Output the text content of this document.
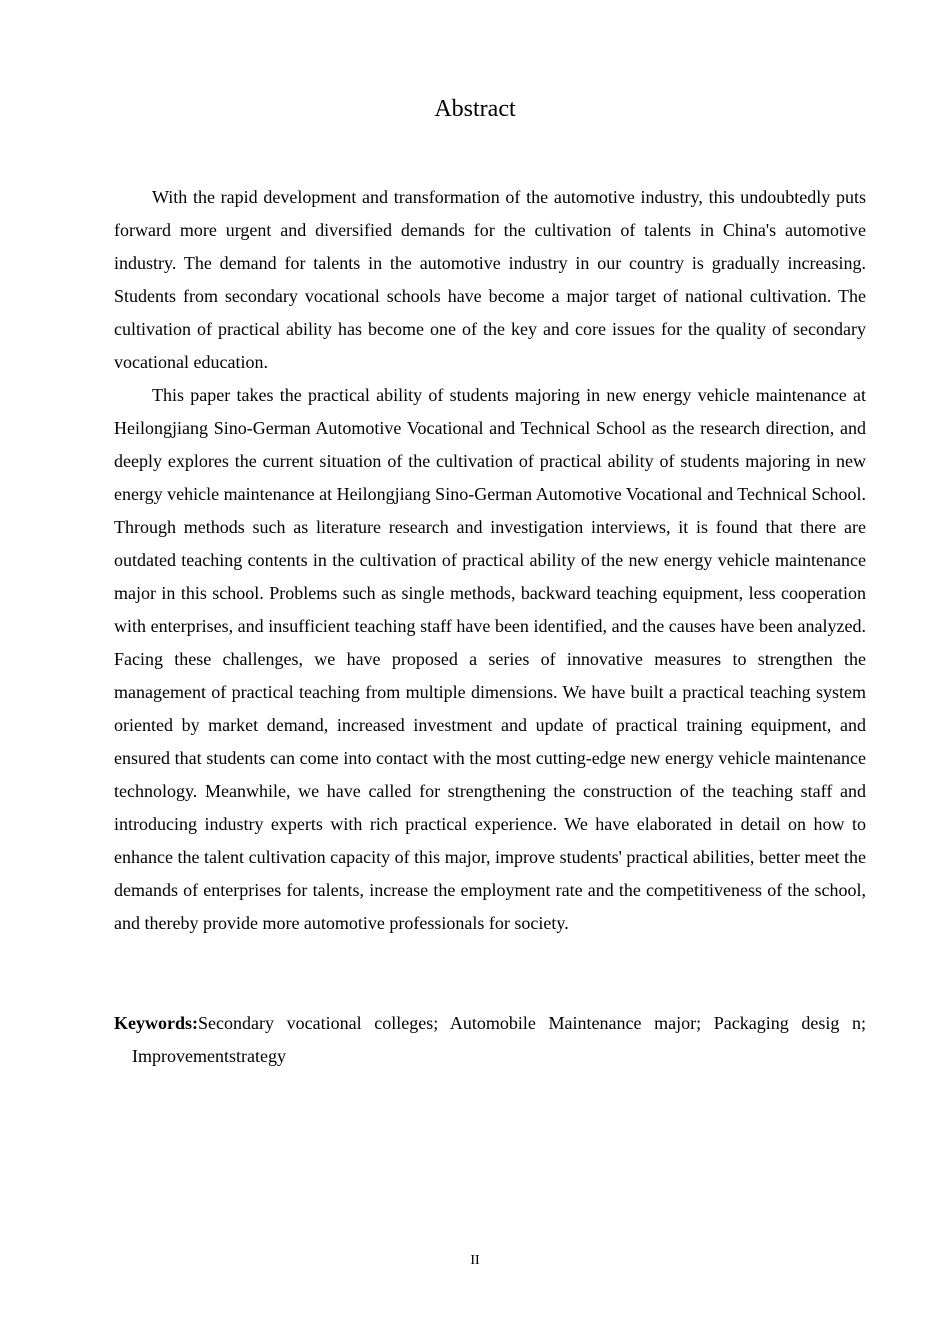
Abstract

With the rapid development and transformation of the automotive industry, this undoubtedly puts forward more urgent and diversified demands for the cultivation of talents in China's automotive industry. The demand for talents in the automotive industry in our country is gradually increasing. Students from secondary vocational schools have become a major target of national cultivation. The cultivation of practical ability has become one of the key and core issues for the quality of secondary vocational education.

This paper takes the practical ability of students majoring in new energy vehicle maintenance at Heilongjiang Sino-German Automotive Vocational and Technical School as the research direction, and deeply explores the current situation of the cultivation of practical ability of students majoring in new energy vehicle maintenance at Heilongjiang Sino-German Automotive Vocational and Technical School. Through methods such as literature research and investigation interviews, it is found that there are outdated teaching contents in the cultivation of practical ability of the new energy vehicle maintenance major in this school. Problems such as single methods, backward teaching equipment, less cooperation with enterprises, and insufficient teaching staff have been identified, and the causes have been analyzed. Facing these challenges, we have proposed a series of innovative measures to strengthen the management of practical teaching from multiple dimensions. We have built a practical teaching system oriented by market demand, increased investment and update of practical training equipment, and ensured that students can come into contact with the most cutting-edge new energy vehicle maintenance technology. Meanwhile, we have called for strengthening the construction of the teaching staff and introducing industry experts with rich practical experience. We have elaborated in detail on how to enhance the talent cultivation capacity of this major, improve students' practical abilities, better meet the demands of enterprises for talents, increase the employment rate and the competitiveness of the school, and thereby provide more automotive professionals for society.

Keywords:Secondary vocational colleges; Automobile Maintenance major; Packaging desig n; Improvementstrategy

II
